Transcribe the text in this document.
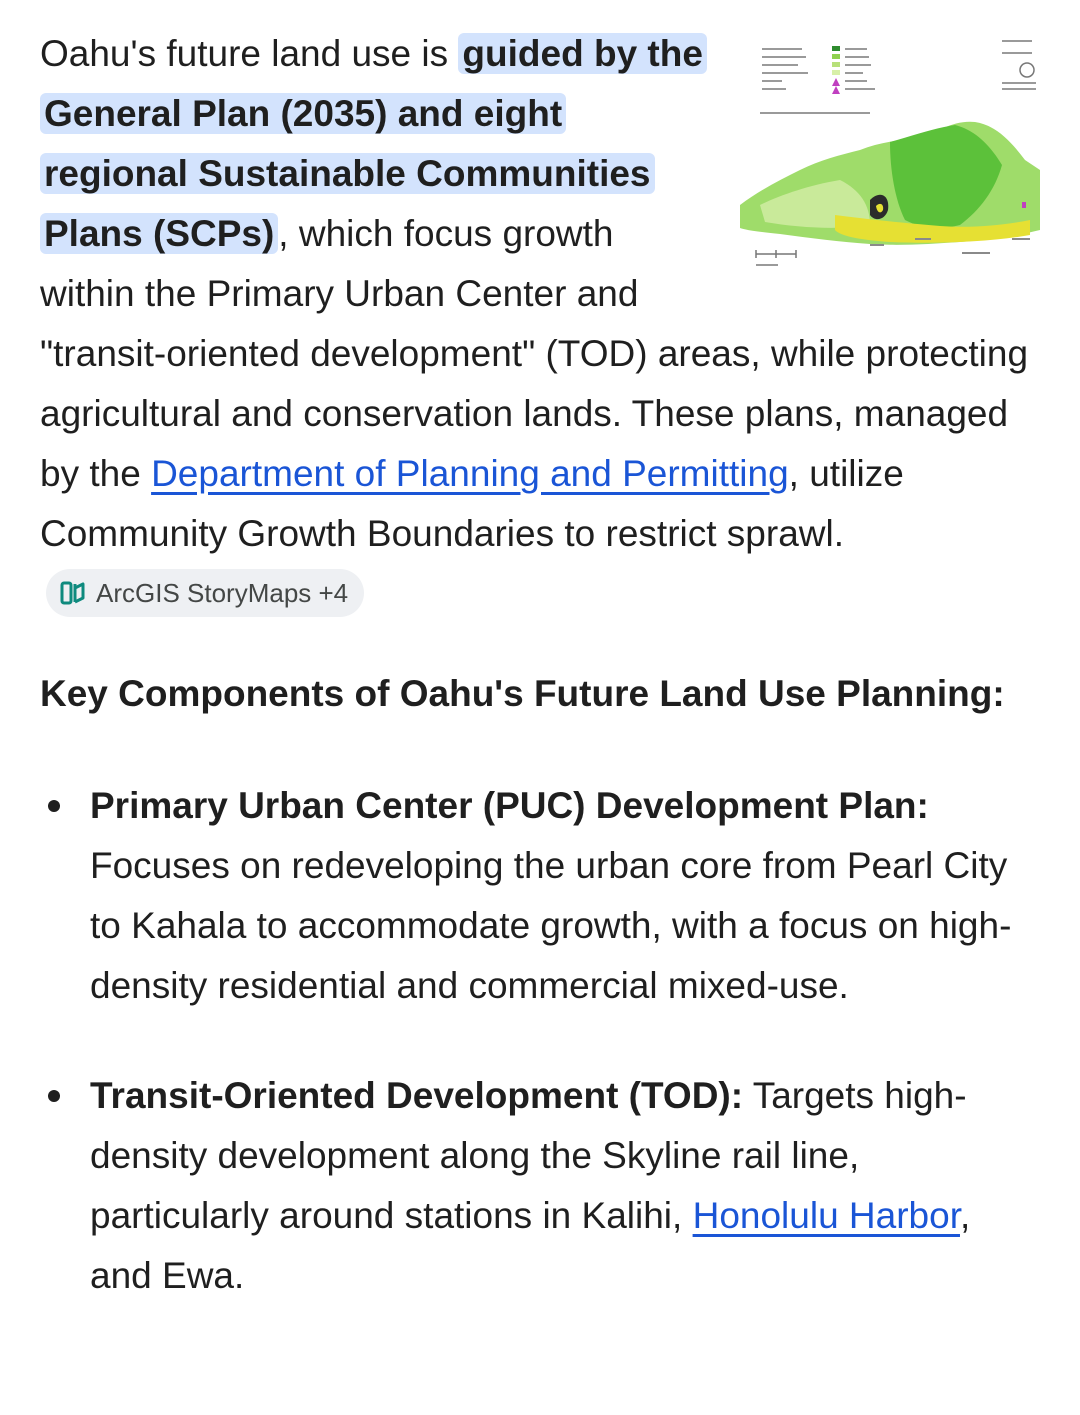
Oahu's future land use is guided by the General Plan (2035) and eight regional Sustainable Communities Plans (SCPs) , which focus growth within the Primary Urban Center and "transit-oriented development" (TOD) areas, while protecting agricultural and conservation lands. These plans, managed by the Department of Planning and Permitting, utilize Community Growth Boundaries to restrict sprawl.
ArcGIS StoryMaps +4

Key Components of Oahu's Future Land Use Planning:
Primary Urban Center (PUC) Development Plan: Focuses on redeveloping the urban core from Pearl City to Kahala to accommodate growth, with a focus on high-density residential and commercial mixed-use.
Transit-Oriented Development (TOD): Targets high-density development along the Skyline rail line, particularly around stations in Kalihi, Honolulu Harbor, and Ewa.
